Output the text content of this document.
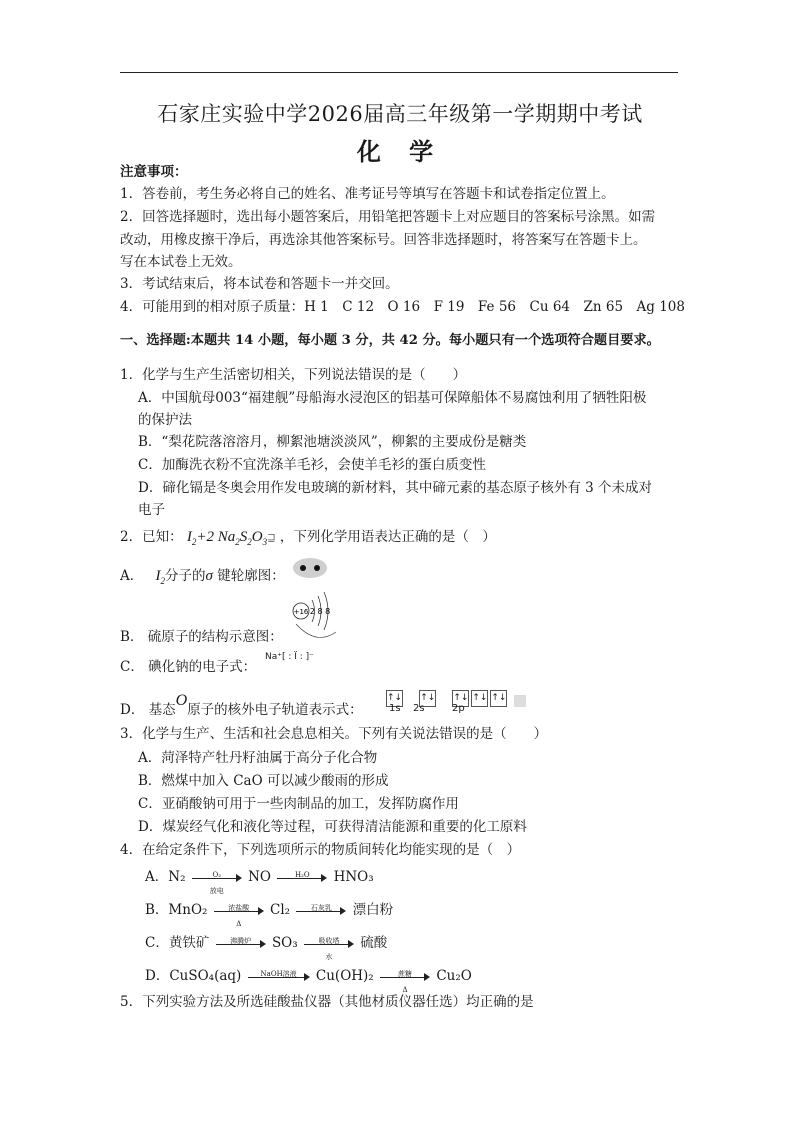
石家庄实验中学2026届高三年级第一学期期中考试
化 学
注意事项：
1．答卷前，考生务必将自己的姓名、准考证号等填写在答题卡和试卷指定位置上。
2．回答选择题时，选出每小题答案后，用铅笔把答题卡上对应题目的答案标号涂黑。如需
改动，用橡皮擦干净后，再选涂其他答案标号。回答非选择题时，将答案写在答题卡上。
写在本试卷上无效。
3．考试结束后，将本试卷和答题卡一并交回。
4．可能用到的相对原子质量：H 1　C 12　O 16　F 19　Fe 56　Cu 64　Zn 65　Ag 108
一、选择题:本题共 14 小题，每小题 3 分，共 42 分。每小题只有一个选项符合题目要求。
1．化学与生产生活密切相关，下列说法错误的是（　　）
A．中国航母003“福建舰”母船海水浸泡区的铝基可保障船体不易腐蚀利用了牺牲阳极
的保护法
B．“梨花院落溶溶月，柳絮池塘淡淡风”，柳絮的主要成份是糖类
C．加酶洗衣粉不宜洗涤羊毛衫，会使羊毛衫的蛋白质变性
D．碲化镉是冬奥会用作发电玻璃的新材料，其中碲元素的基态原子核外有 3 个未成对
电子
2．已知： $I_2+2$ $Na_2S_2O_3⊒$ ，下列化学用语表达正确的是（　）
A． $I_2$分子的σ 键轮廓图：
B． 硫原子的结构示意图：
+16 2 8 8
C． 碘化钠的电子式：
Na⁺[ : Ï : ]⁻
D． 基态O原子的核外电子轨道表示式：
↑↓ ↑↓ ↑↓ ↑↓ ↑↓
1s 2s	2p
3．化学与生产、生活和社会息息相关。下列有关说法错误的是（　　）
A．菏泽特产牡丹籽油属于高分子化合物
B．燃煤中加入 CaO 可以减少酸雨的形成
C．亚硝酸钠可用于一些肉制品的加工，发挥防腐作用
D．煤炭经气化和液化等过程，可获得清洁能源和重要的化工原料
4．在给定条件下，下列选项所示的物质间转化均能实现的是（　）
A．N₂	O₂
放电
NO	H₂O	HNO₃
B．MnO₂	浓盐酸
Δ
Cl₂	石灰乳	漂白粉
C．黄铁矿	沸腾炉	SO₃	吸收塔
水
硫酸
D．CuSO₄(aq)	NaOH溶液	Cu(OH)₂	蔗糖
Δ
Cu₂O
5．下列实验方法及所选硅酸盐仪器（其他材质仪器任选）均正确的是
